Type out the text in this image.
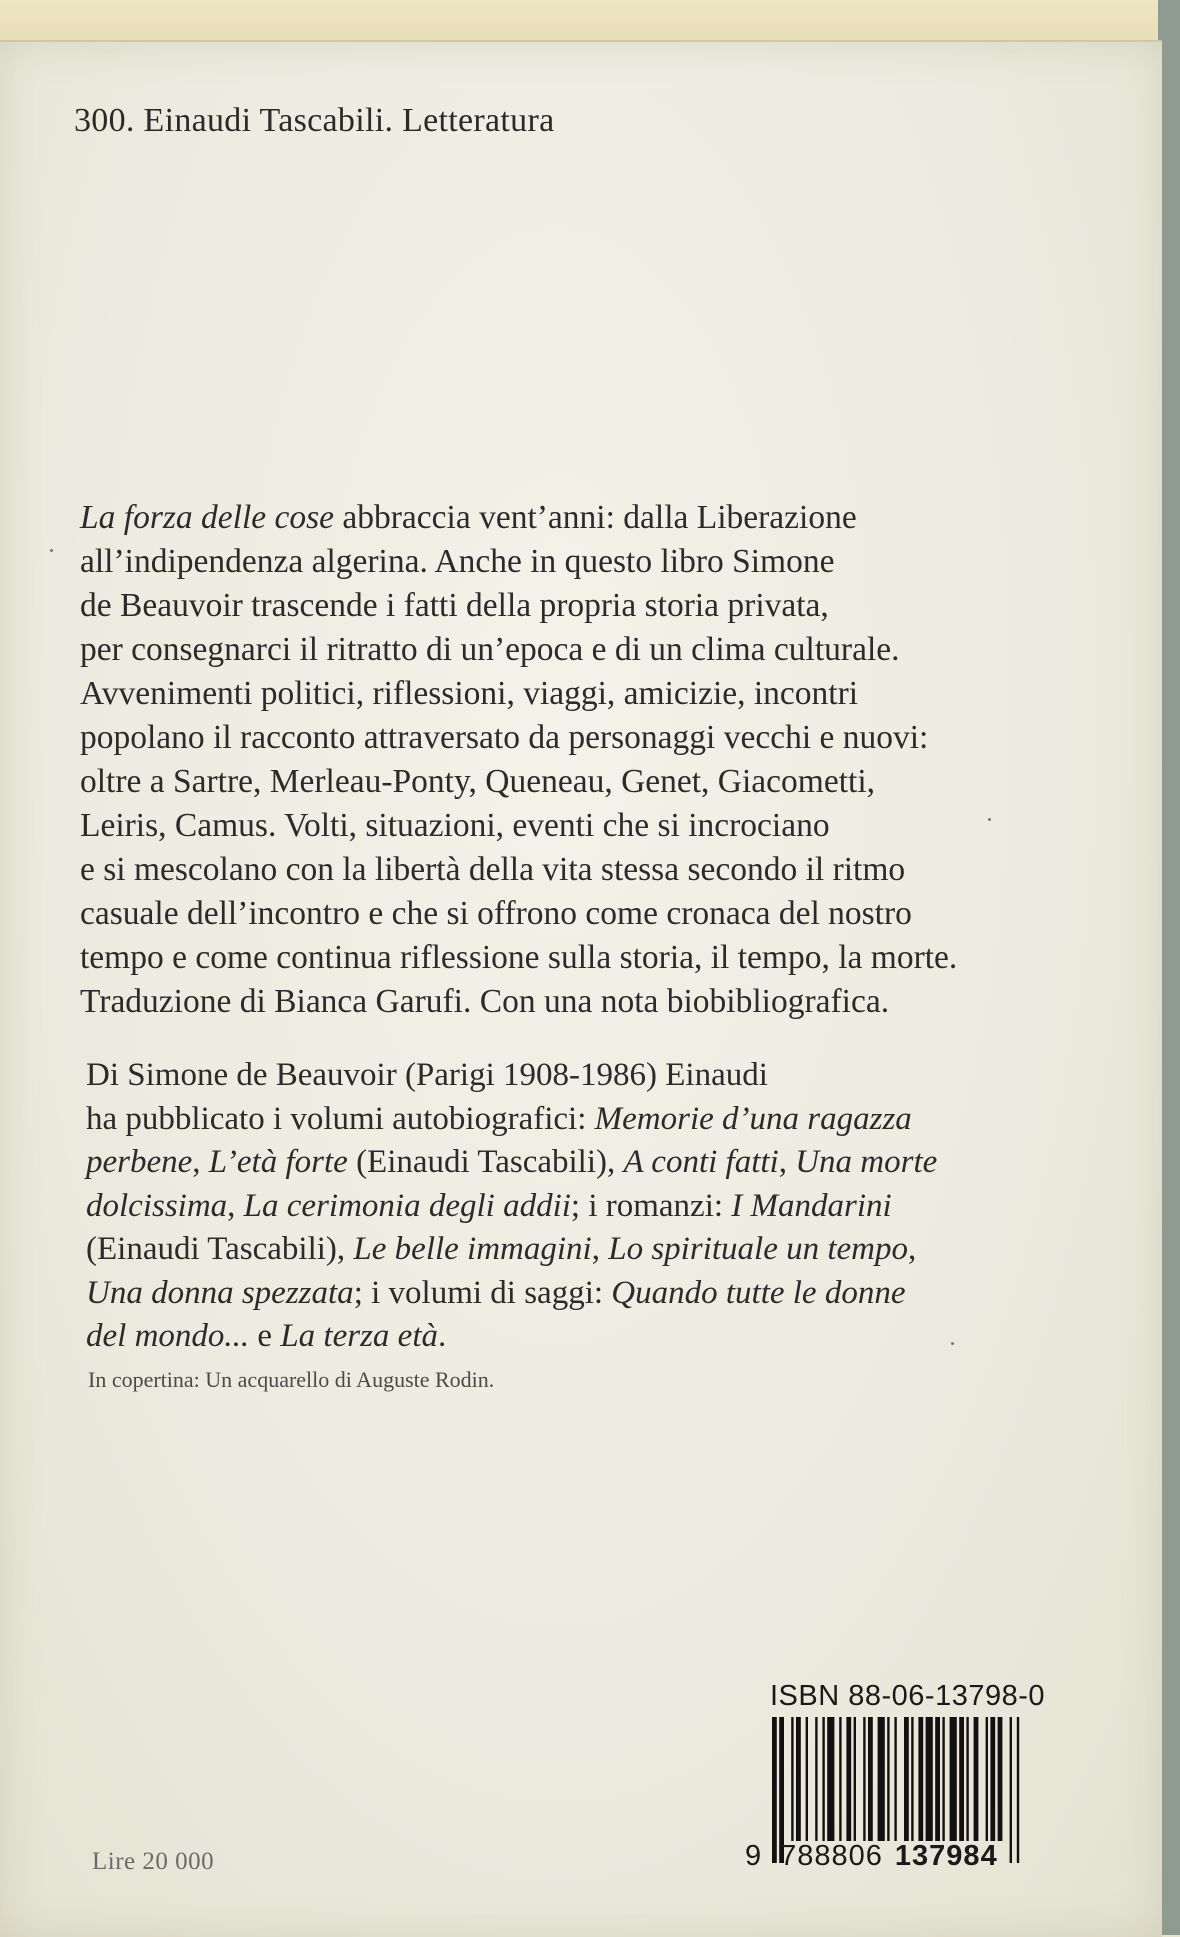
300. Einaudi Tascabili. Letteratura
La forza delle cose abbraccia vent’anni: dalla Liberazione
all’indipendenza algerina. Anche in questo libro Simone
de Beauvoir trascende i fatti della propria storia privata,
per consegnarci il ritratto di un’epoca e di un clima culturale.
Avvenimenti politici, riflessioni, viaggi, amicizie, incontri
popolano il racconto attraversato da personaggi vecchi e nuovi:
oltre a Sartre, Merleau-Ponty, Queneau, Genet, Giacometti,
Leiris, Camus. Volti, situazioni, eventi che si incrociano
e si mescolano con la libertà della vita stessa secondo il ritmo
casuale dell’incontro e che si offrono come cronaca del nostro
tempo e come continua riflessione sulla storia, il tempo, la morte.
Traduzione di Bianca Garufi. Con una nota biobibliografica.
Di Simone de Beauvoir (Parigi 1908-1986) Einaudi
ha pubblicato i volumi autobiografici: Memorie d’una ragazza
perbene, L’età forte (Einaudi Tascabili), A conti fatti, Una morte
dolcissima, La cerimonia degli addii; i romanzi: I Mandarini
(Einaudi Tascabili), Le belle immagini, Lo spirituale un tempo,
Una donna spezzata; i volumi di saggi: Quando tutte le donne
del mondo... e La terza età.
In copertina: Un acquarello di Auguste Rodin.
Lire 20 000
ISBN 88-06-13798-0
9 788806 137984
